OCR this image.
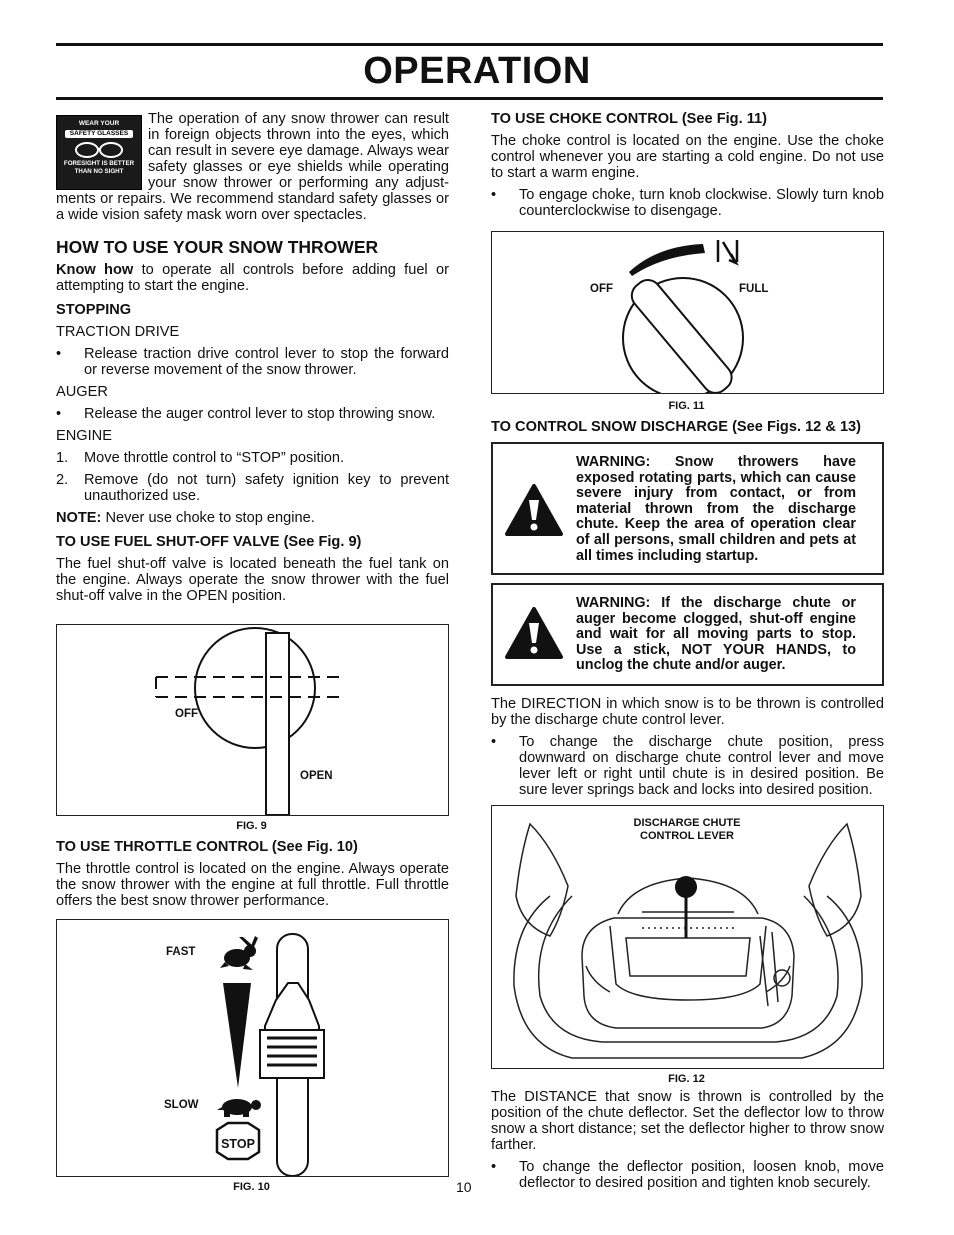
OPERATION
WEAR YOUR
SAFETY GLASSES
FORESIGHT IS BETTER
THAN NO SIGHT
The operation of any snow thrower can result
in foreign objects thrown into the eyes, which
can result in severe eye damage. Always wear
safety glasses or eye shields while operating
your snow thrower or performing any adjust-

ments or repairs. We recommend standard safety glasses or a wide vision safety mask worn over spectacles.

HOW TO USE YOUR SNOW THROWER

Know how to operate all controls before adding fuel or attempting to start the engine.

STOPPING
TRACTION DRIVE
• Release traction drive control lever to stop the forward or reverse movement of the snow thrower.
AUGER
• Release the auger control lever to stop throwing snow.
ENGINE
1. Move throttle control to “STOP” position.
2. Remove (do not turn) safety ignition key to prevent unauthorized use.

NOTE: Never use choke to stop engine.

TO USE FUEL SHUT-OFF VALVE (See Fig. 9)

The fuel shut-off valve is located beneath the fuel tank on the engine. Always operate the snow thrower with the fuel shut-off valve in the OPEN position.

OFF
OPEN
FIG. 9
TO USE THROTTLE CONTROL (See Fig. 10)

The throttle control is located on the engine. Always operate the snow thrower with the engine at full throttle. Full throttle offers the best snow thrower performance.

FAST
SLOW
STOP
FIG. 10
TO USE CHOKE CONTROL (See Fig. 11)

The choke control is located on the engine. Use the choke control whenever you are starting a cold engine. Do not use to start a warm engine.

• To engage choke, turn knob clockwise. Slowly turn knob counterclockwise to disengage.
OFF	FULL
FIG. 11
TO CONTROL SNOW DISCHARGE (See Figs. 12 & 13)
WARNING: Snow throwers have exposed rotating parts, which can cause severe injury from contact, or from material thrown from the discharge chute. Keep the area of operation clear of all persons, small children and pets at all times including startup.
WARNING: If the discharge chute or auger become clogged, shut-off engine and wait for all moving parts to stop. Use a stick, NOT YOUR HANDS, to unclog the chute and/or auger.

The DIRECTION in which snow is to be thrown is controlled by the discharge chute control lever.

• To change the discharge chute position, press downward on discharge chute control lever and move lever left or right until chute is in desired position. Be sure lever springs back and locks into desired position.
DISCHARGE CHUTE
CONTROL LEVER
FIG. 12

The DISTANCE that snow is thrown is controlled by the position of the chute deflector. Set the deflector low to throw snow a short distance; set the deflector higher to throw snow farther.

• To change the deflector position, loosen knob, move deflector to desired position and tighten knob securely.
10
